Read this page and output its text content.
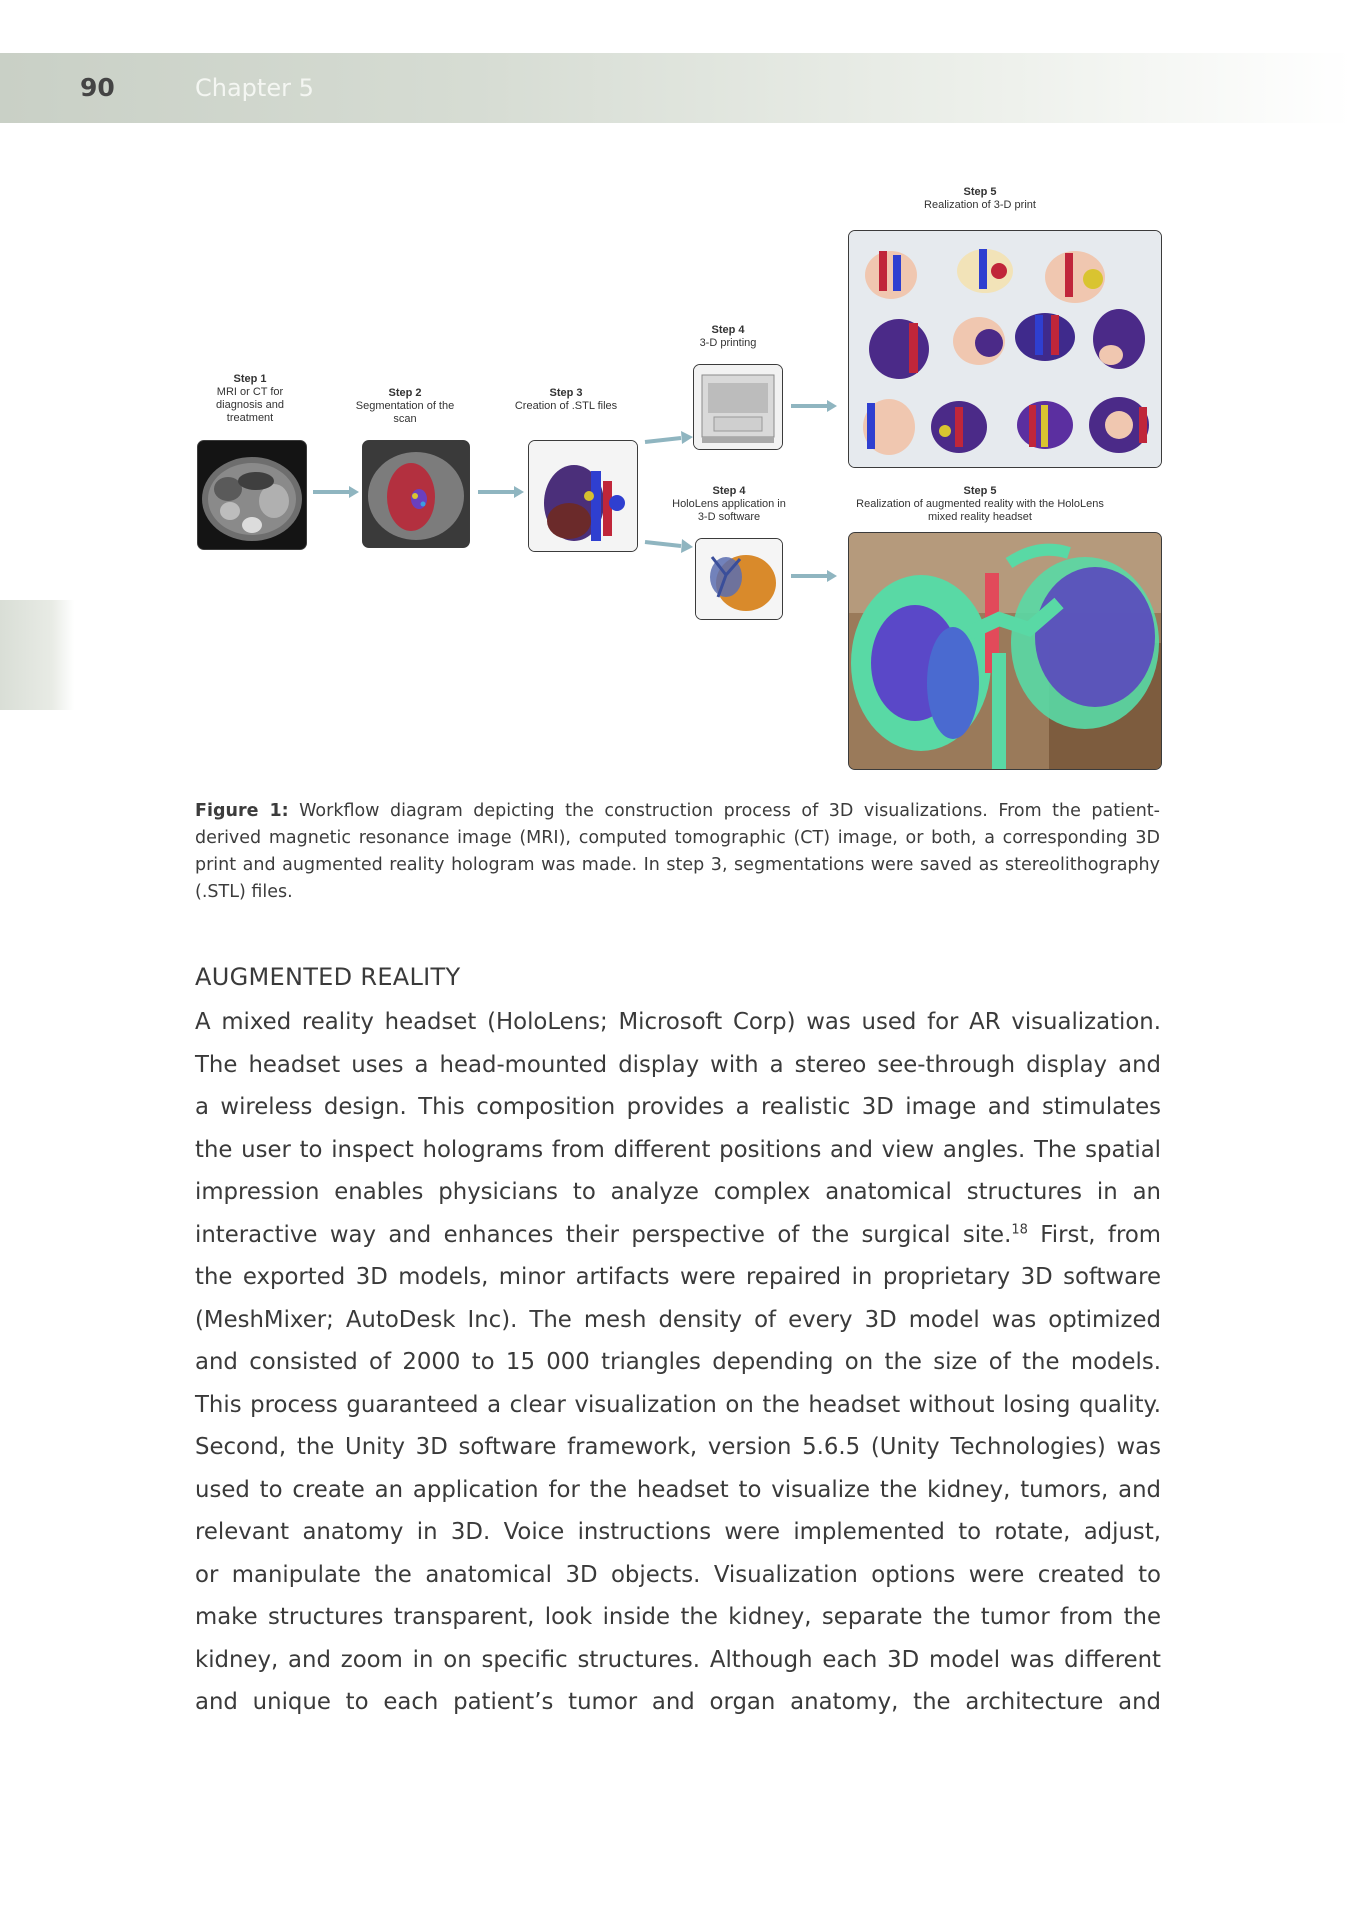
90	Chapter 5
Step 1
MRI or CT for diagnosis and treatment
Step 2
Segmentation of the scan
Step 3
Creation of .STL files
Step 4
3-D printing
Step 4
HoloLens application in 3-D software
Step 5
Realization of 3-D print
Step 5
Realization of augmented reality with the HoloLens mixed reality headset
Figure 1: Workflow diagram depicting the construction process of 3D visualizations. From the patient-derived magnetic resonance image (MRI), computed tomographic (CT) image, or both, a corresponding 3D print and augmented reality hologram was made. In step 3, segmentations were saved as stereolithography (.STL) files.
AUGMENTED REALITY
A mixed reality headset (HoloLens; Microsoft Corp) was used for AR visualization.
The headset uses a head-mounted display with a stereo see-through display and
a wireless design. This composition provides a realistic 3D image and stimulates
the user to inspect holograms from different positions and view angles. The spatial
impression enables physicians to analyze complex anatomical structures in an
interactive way and enhances their perspective of the surgical site.$^{18}$ First, from
the exported 3D models, minor artifacts were repaired in proprietary 3D software
(MeshMixer; AutoDesk Inc). The mesh density of every 3D model was optimized
and consisted of 2000 to 15 000 triangles depending on the size of the models.
This process guaranteed a clear visualization on the headset without losing quality.
Second, the Unity 3D software framework, version 5.6.5 (Unity Technologies) was
used to create an application for the headset to visualize the kidney, tumors, and
relevant anatomy in 3D. Voice instructions were implemented to rotate, adjust,
or manipulate the anatomical 3D objects. Visualization options were created to
make structures transparent, look inside the kidney, separate the tumor from the
kidney, and zoom in on specific structures. Although each 3D model was different
and unique to each patient’s tumor and organ anatomy, the architecture and
